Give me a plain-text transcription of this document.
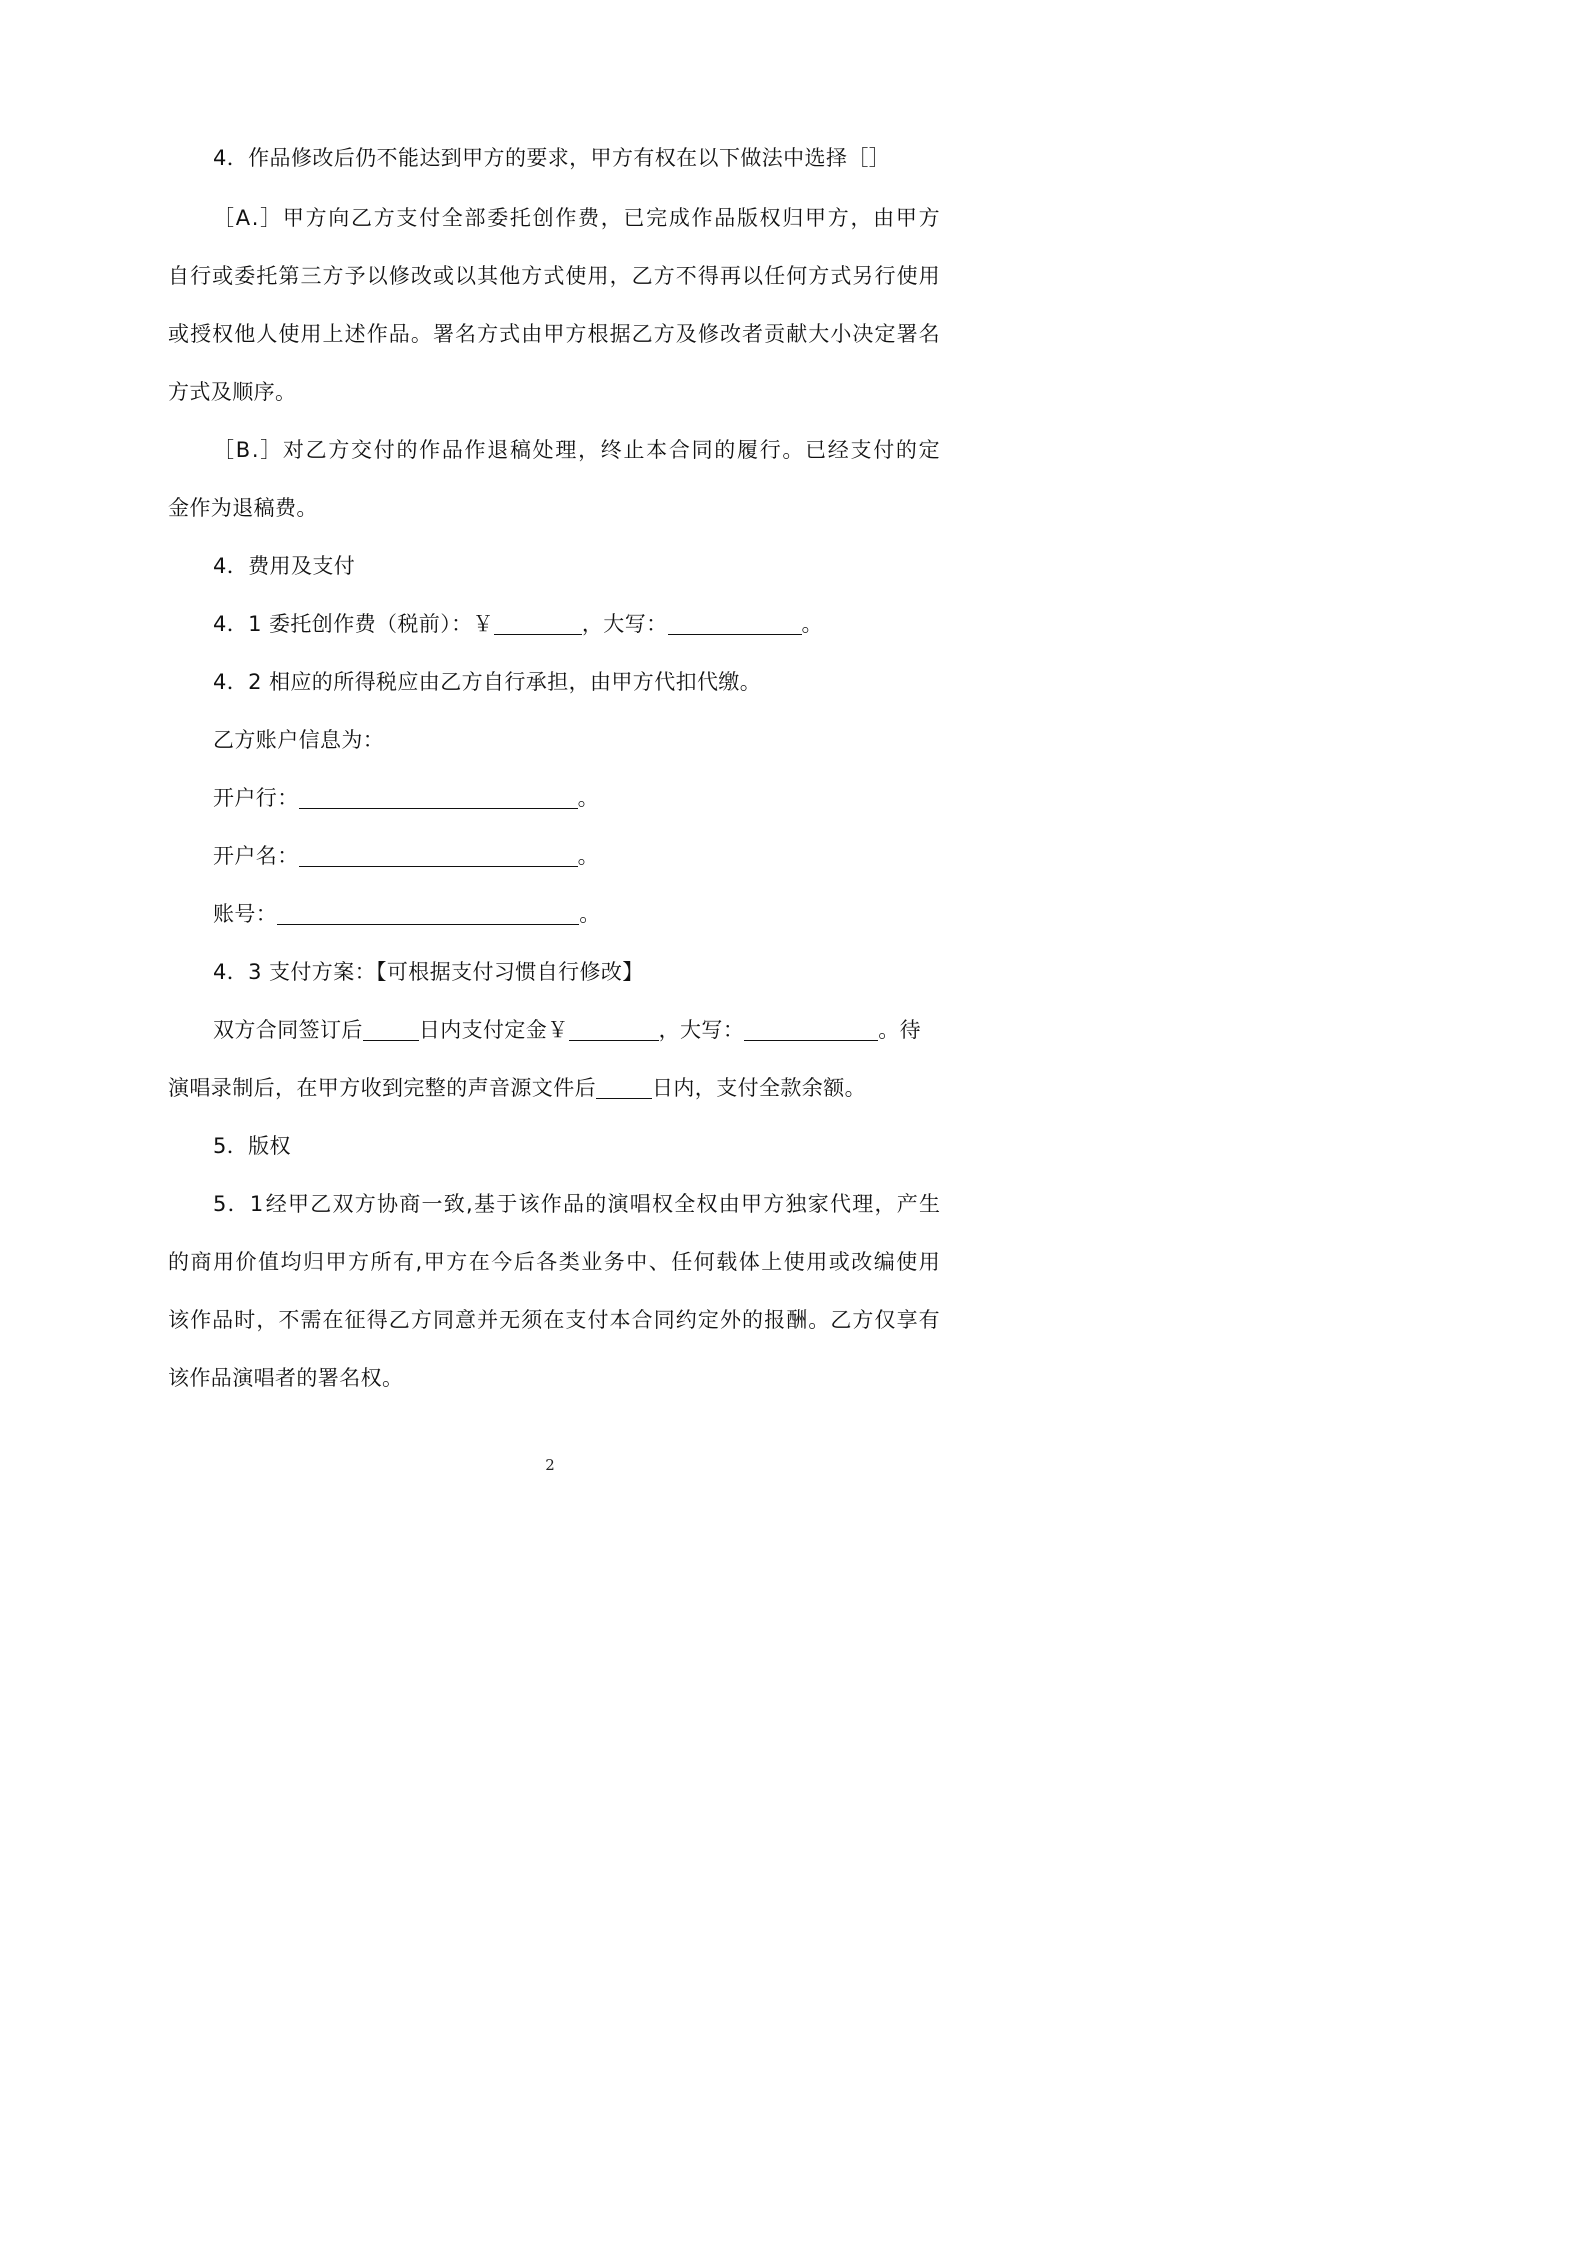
4．作品修改后仍不能达到甲方的要求，甲方有权在以下做法中选择［］
［ A . ］ 甲 方 向 乙 方 支 付 全 部 委 托 创 作 费 ， 已 完 成 作 品 版 权 归 甲 方 ， 由 甲 方
自 行 或 委 托 第 三 方 予 以 修 改 或 以 其 他 方 式 使 用 ， 乙 方 不 得 再 以 任 何 方 式 另 行 使 用
或 授 权 他 人 使 用 上 述 作 品 。 署 名 方 式 由 甲 方 根 据 乙 方 及 修 改 者 贡 献 大 小 决 定 署 名
方式及顺序。
［ B . ］ 对 乙 方 交 付 的 作 品 作 退 稿 处 理 ， 终 止 本 合 同 的 履 行 。 已 经 支 付 的 定
金作为退稿费。
4．费用及支付
4．1 委托创作费（税前）：￥	，大写：	。
4．2 相应的所得税应由乙方自行承担，由甲方代扣代缴。
乙方账户信息为：
开户行：	。
开户名：	。
账号：	。
4．3 支付方案：【可根据支付习惯自行修改】
双方合同签订后	日内支付定金￥	，大写：	。待
演唱录制后，在甲方收到完整的声音源文件后	日内，支付全款余额。
5．版权
5 ． 1 经 甲 乙 双 方 协 商 一 致 , 基 于 该 作 品 的 演 唱 权 全 权 由 甲 方 独 家 代 理 ， 产 生
的 商 用 价 值 均 归 甲 方 所 有 , 甲 方 在 今 后 各 类 业 务 中 、 任 何 载 体 上 使 用 或 改 编 使 用
该 作 品 时 ， 不 需 在 征 得 乙 方 同 意 并 无 须 在 支 付 本 合 同 约 定 外 的 报 酬 。 乙 方 仅 享 有
该作品演唱者的署名权。
2
